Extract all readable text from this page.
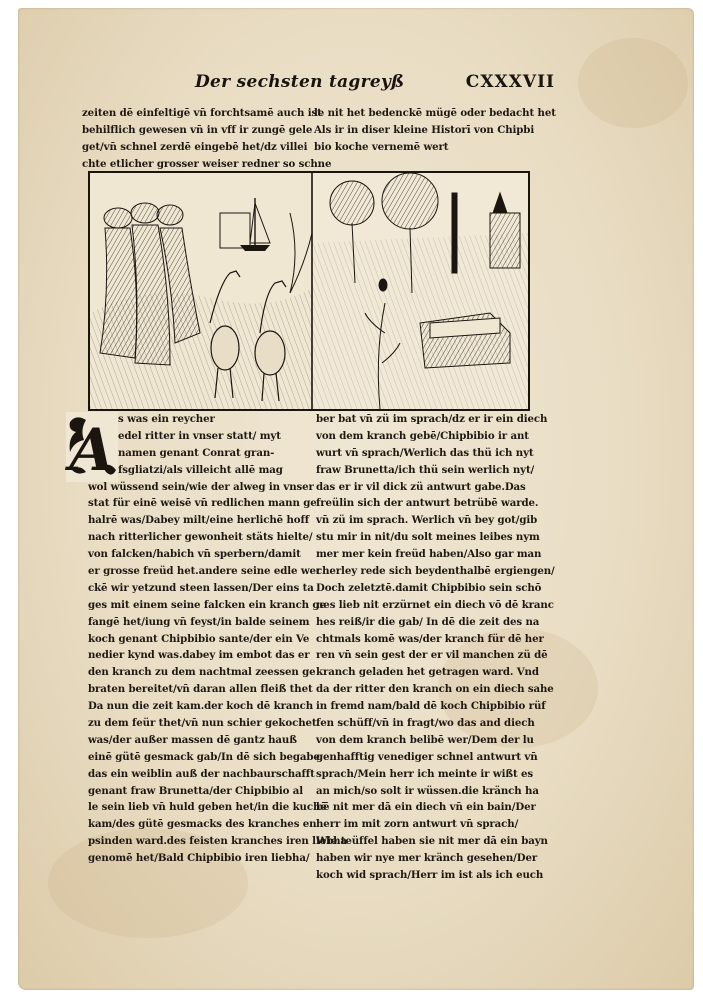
Der sechsten tagreyß	CXXXVII
zeiten dē einfeltigē vn̄ forchtsamē auch ist
behilflich gewesen vn̄ in vff ir zungē gele
get/vn̄ schnel zerdē eingebē het/dz villei
chte etlicher grosser weiser redner so schne
le nit het bedenckē mügē oder bedacht het
Als ir in diser kleine Historī von Chipbi
bio koche vernemē wert
A s was ein reycher
edel ritter in vnser statt/ myt
namen genant Conrat gran-
fsgliatzi/als villeicht allē mag
wol wüssend sein/wie der alweg in vnser
stat für einē weisē vn̄ redlichen mann ge
halrē was/Dabey milt/eine herlichē hoff
nach ritterlicher gewonheit stäts hielte/
von falcken/habich vn̄ sperbern/damit
er grosse freüd het.andere seine edle wer
ckē wir yetzund steen lassen/Der eins ta
ges mit einem seine falcken ein kranch ge
fangē het/iung vn̄ feyst/in balde seinem
koch genant Chipbibio sante/der ein Ve
nedier kynd was.dabey im embot das er
den kranch zu dem nachtmal zeessen ge
braten bereitet/vn̄ daran allen fleiß thet
Da nun die zeit kam.der koch dē kranch
zu dem feür thet/vn̄ nun schier gekochet
was/der außer massen dē gantz hauß
einē gütē gesmack gab/In dē sich begabe
das ein weiblin auß der nachbaurschafft
genant fraw Brunetta/der Chipbibio al
le sein lieb vn̄ huld geben het/in die kuchē
kam/des gütē gesmacks des kranches en
psinden ward.des feisten kranches iren liebha
genomē het/Bald Chipbibio iren liebha/
ber bat vn̄ zü im sprach/dz er ir ein diech
von dem kranch gebē/Chipbibio ir ant
wurt vn̄ sprach/Werlich das thü ich nyt
fraw Brunetta/ich thü sein werlich nyt/
das er ir vil dick zü antwurt gabe.Das
freülin sich der antwurt betrübē warde.
vn̄ zü im sprach. Werlich vn̄ bey got/gib
stu mir in nit/du solt meines leibes nym
mer mer kein freüd haben/Also gar man
cherley rede sich beydenthalbē ergiengen/
Doch zeletztē.damit Chipbibio sein schō
nes lieb nit erzürnet ein diech vō dē kranc
hes reiß/ir die gab/ In dē die zeit des na
chtmals komē was/der kranch für dē her
ren vn̄ sein gest der er vil manchen zü dē
kranch geladen het getragen ward. Vnd
da der ritter den kranch on ein diech sahe
in fremd nam/bald dē koch Chipbibio rüf
fen schüff/vn̄ in fragt/wo das and diech
von dem kranch belibē wer/Dem der lu
genhafftig venediger schnel antwurt vn̄
sprach/Mein herr ich meinte ir wißt es
an mich/so solt ir wüssen.die kränch ha
bē nit mer dā ein diech vn̄ ein bain/Der
herr im mit zorn antwurt vn̄ sprach/
Wie teüffel haben sie nit mer dā ein bayn
haben wir nye mer kränch gesehen/Der
koch wid sprach/Herr im ist als ich euch
